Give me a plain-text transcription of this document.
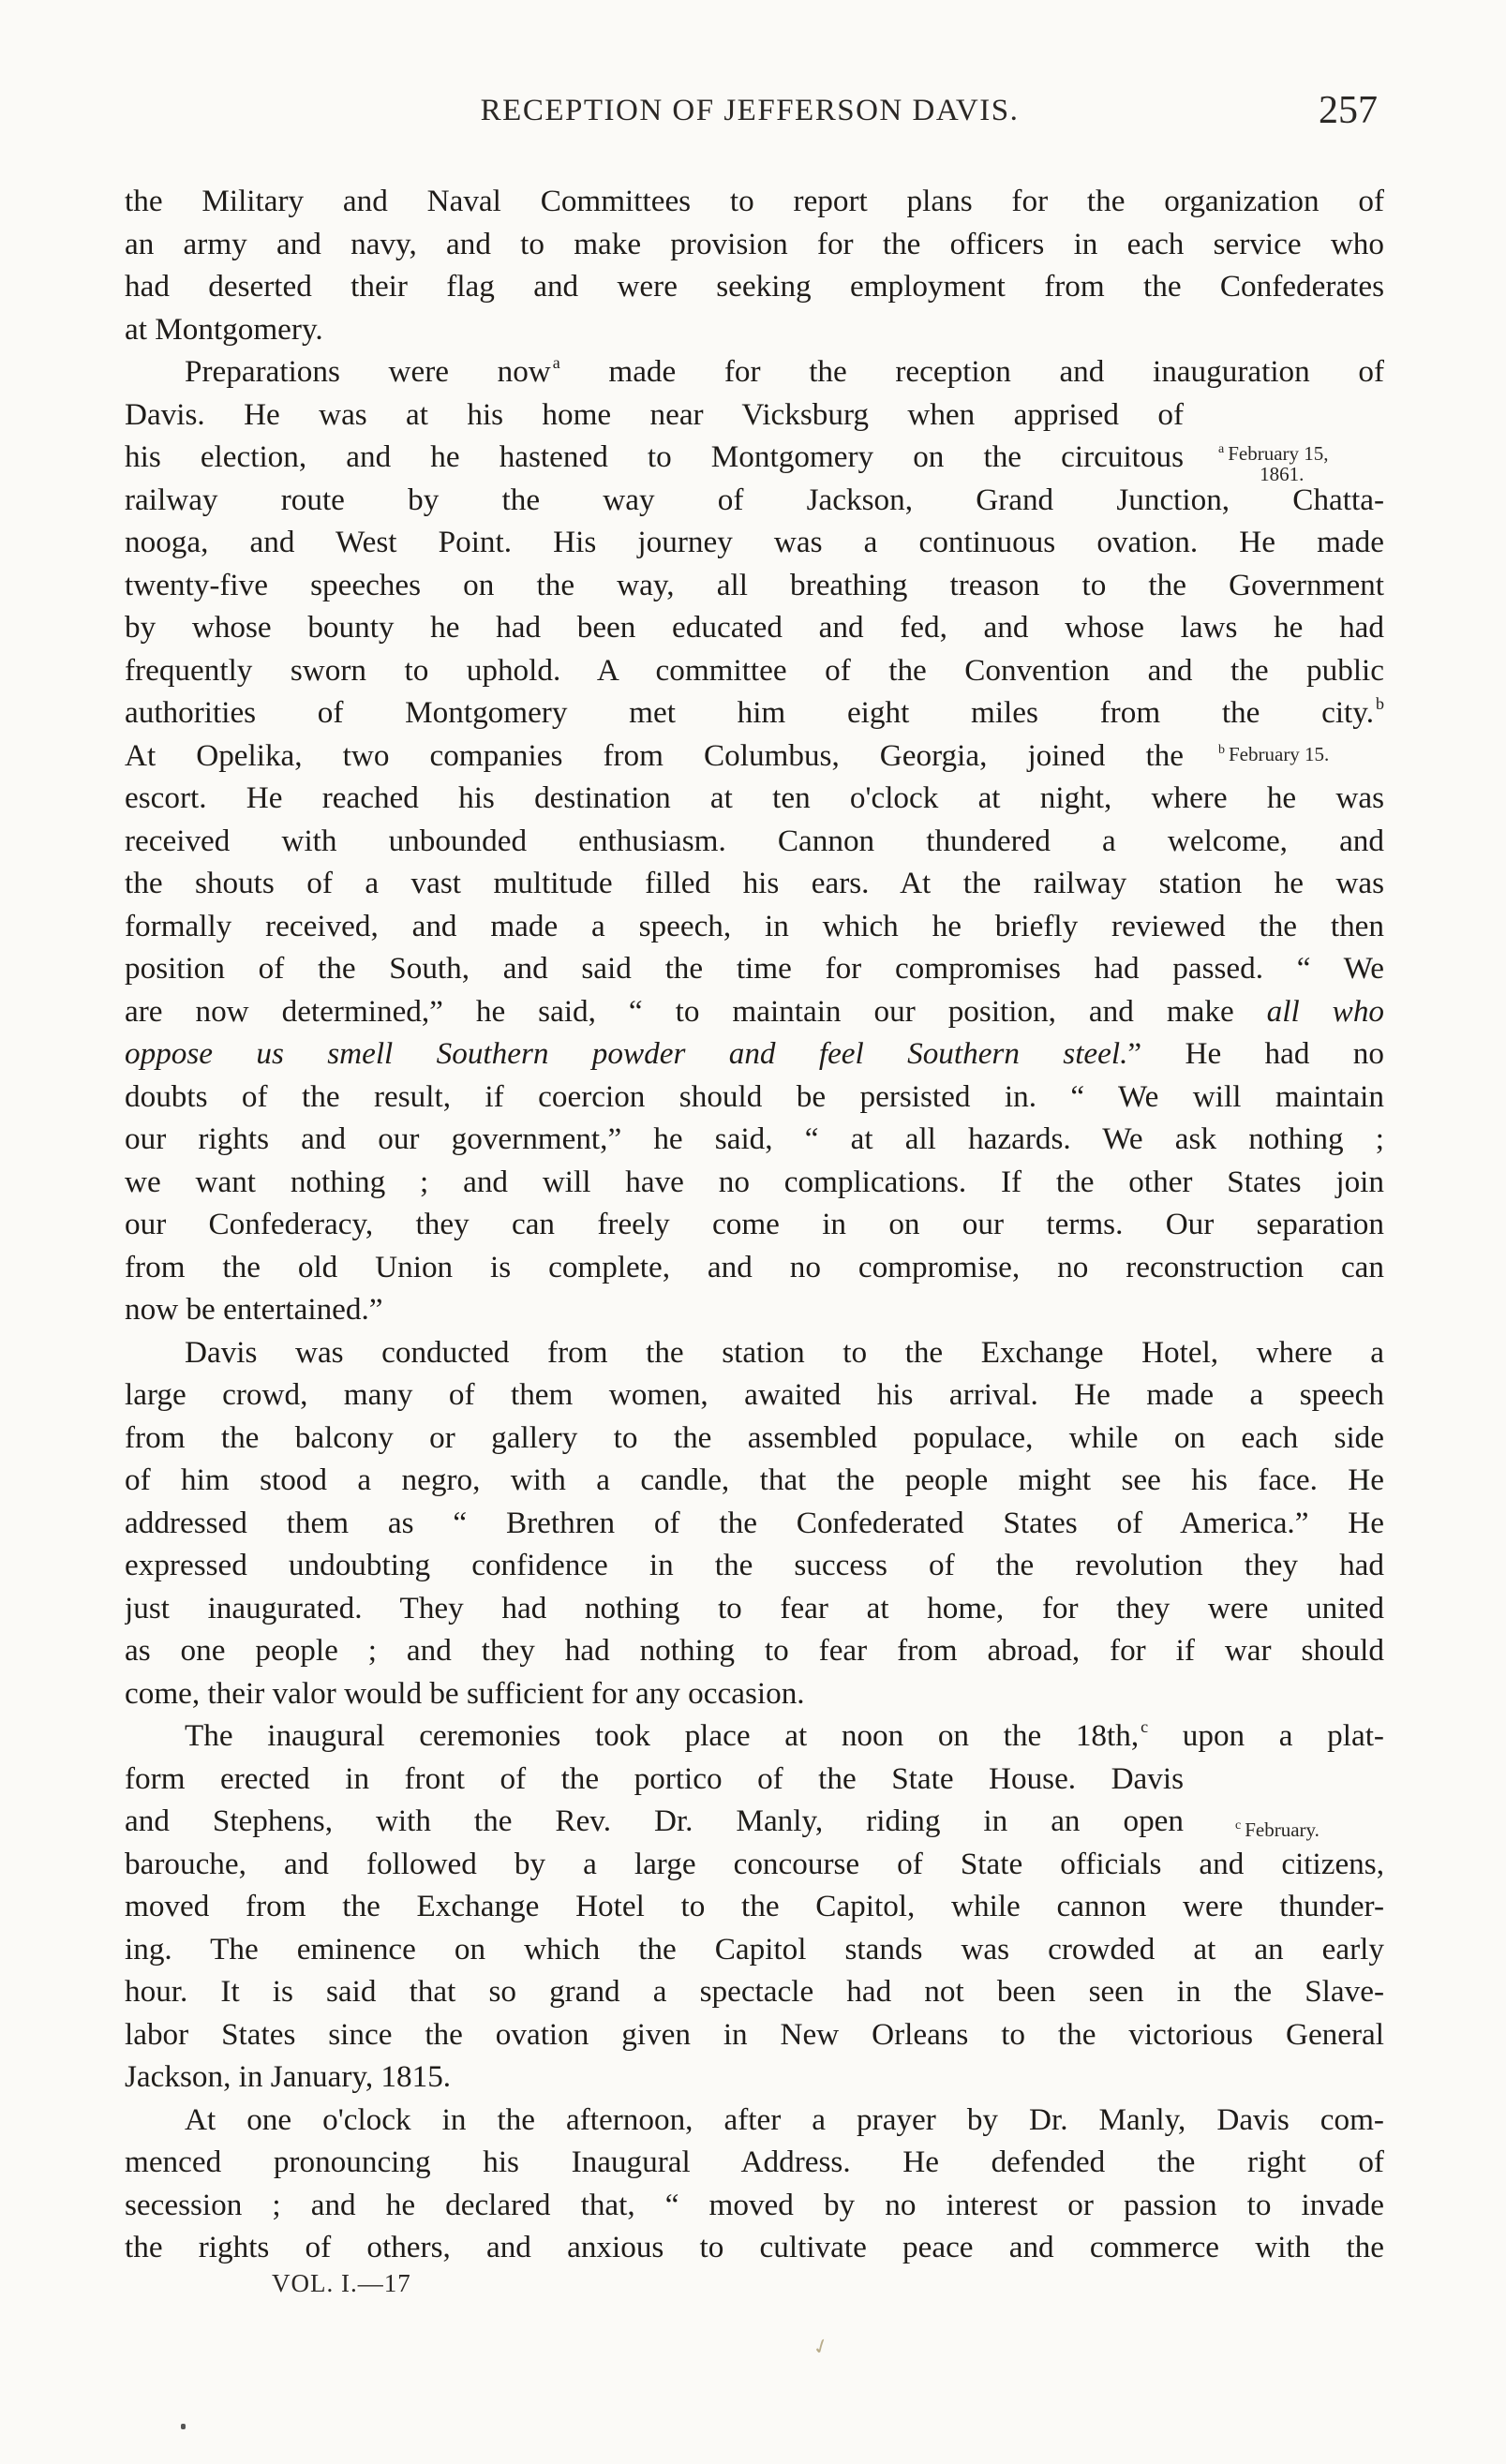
RECEPTION OF JEFFERSON DAVIS.	257
the Military and Naval Committees to report plans for the organization of
an army and navy, and to make provision for the officers in each service who
had deserted their flag and were seeking employment from the Confederates
at Montgomery.
Preparations were now $^a$ made for the reception and inauguration of
Davis. He was at his home near Vicksburg when apprised of
his election, and he hastened to Montgomery on the circuitous
railway route by the way of Jackson, Grand Junction, Chatta-
nooga, and West Point. His journey was a continuous ovation. He made
twenty-five speeches on the way, all breathing treason to the Government
by whose bounty he had been educated and fed, and whose laws he had
frequently sworn to uphold. A committee of the Convention and the public
authorities of Montgomery met him eight miles from the city. $^b$
At Opelika, two companies from Columbus, Georgia, joined the
escort. He reached his destination at ten o'clock at night, where he was
received with unbounded enthusiasm. Cannon thundered a welcome, and
the shouts of a vast multitude filled his ears. At the railway station he was
formally received, and made a speech, in which he briefly reviewed the then
position of the South, and said the time for compromises had passed. “ We
are now determined,” he said, “ to maintain our position, and make all who
oppose us smell Southern powder and feel Southern steel.” He had no
doubts of the result, if coercion should be persisted in. “ We will maintain
our rights and our government,” he said, “ at all hazards. We ask nothing ;
we want nothing ; and will have no complications. If the other States join
our Confederacy, they can freely come in on our terms. Our separation
from the old Union is complete, and no compromise, no reconstruction can
now be entertained.”
Davis was conducted from the station to the Exchange Hotel, where a
large crowd, many of them women, awaited his arrival. He made a speech
from the balcony or gallery to the assembled populace, while on each side
of him stood a negro, with a candle, that the people might see his face. He
addressed them as “ Brethren of the Confederated States of America.” He
expressed undoubting confidence in the success of the revolution they had
just inaugurated. They had nothing to fear at home, for they were united
as one people ; and they had nothing to fear from abroad, for if war should
come, their valor would be sufficient for any occasion.
The inaugural ceremonies took place at noon on the 18th, $^c$ upon a plat-
form erected in front of the portico of the State House. Davis
and Stephens, with the Rev. Dr. Manly, riding in an open
barouche, and followed by a large concourse of State officials and citizens,
moved from the Exchange Hotel to the Capitol, while cannon were thunder-
ing. The eminence on which the Capitol stands was crowded at an early
hour. It is said that so grand a spectacle had not been seen in the Slave-
labor States since the ovation given in New Orleans to the victorious General
Jackson, in January, 1815.
At one o'clock in the afternoon, after a prayer by Dr. Manly, Davis com-
menced pronouncing his Inaugural Address. He defended the right of
secession ; and he declared that, “ moved by no interest or passion to invade
the rights of others, and anxious to cultivate peace and commerce with the
$^a$ February 15,
1861.
$^b$ February 15.
$^c$ February.
VOL. I.—17
✓
